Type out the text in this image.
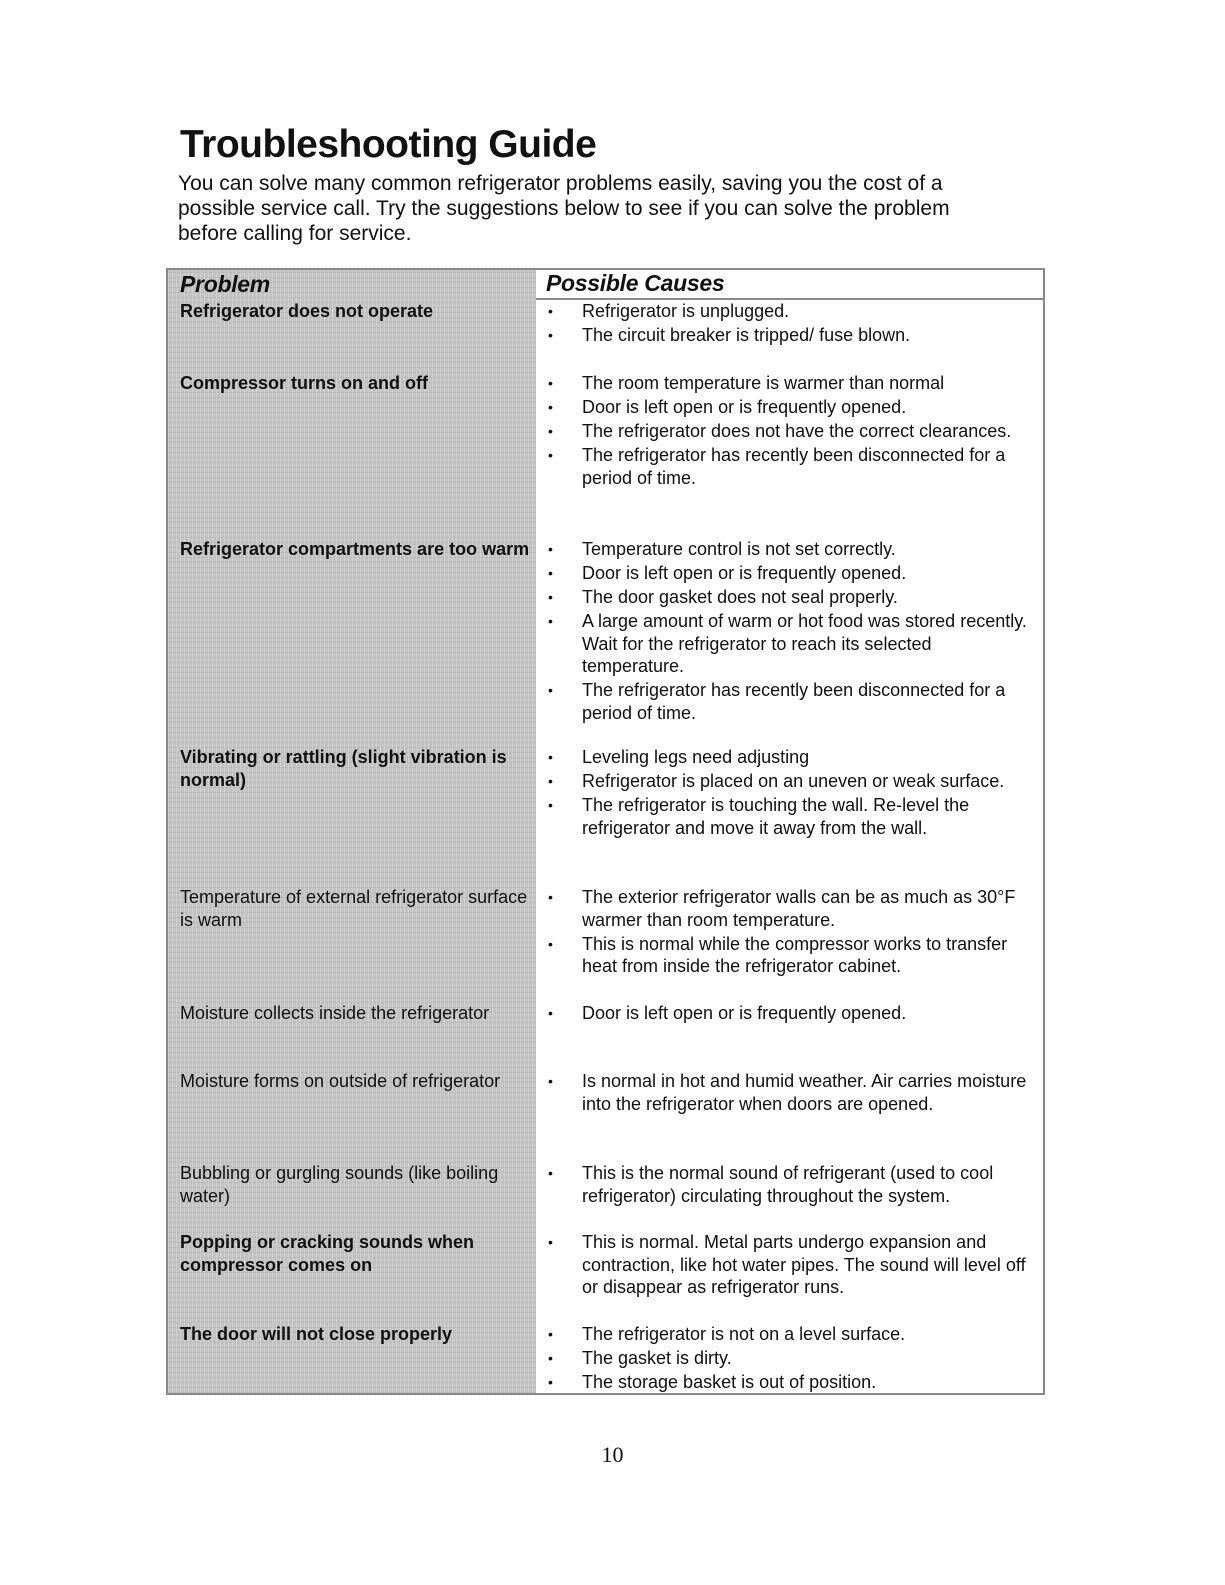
Troubleshooting Guide

You can solve many common refrigerator problems easily, saving you the cost of a possible service call. Try the suggestions below to see if you can solve the problem before calling for service.

Problem	Possible Causes
Refrigerator does not operate	• Refrigerator is unplugged.
• The circuit breaker is tripped/ fuse blown.
Compressor turns on and off	• The room temperature is warmer than normal
• Door is left open or is frequently opened.
• The refrigerator does not have the correct clearances.
• The refrigerator has recently been disconnected for a period of time.
Refrigerator compartments are too warm	• Temperature control is not set correctly.
• Door is left open or is frequently opened.
• The door gasket does not seal properly.
• A large amount of warm or hot food was stored recently. Wait for the refrigerator to reach its selected temperature.
• The refrigerator has recently been disconnected for a period of time.
Vibrating or rattling (slight vibration is normal)
• Leveling legs need adjusting
• Refrigerator is placed on an uneven or weak surface.
• The refrigerator is touching the wall. Re-level the refrigerator and move it away from the wall.
Temperature of external refrigerator surface is warm
• The exterior refrigerator walls can be as much as 30°F warmer than room temperature.
• This is normal while the compressor works to transfer heat from inside the refrigerator cabinet.
Moisture collects inside the refrigerator	• Door is left open or is frequently opened.
Moisture forms on outside of refrigerator	• Is normal in hot and humid weather. Air carries moisture into the refrigerator when doors are opened.
Bubbling or gurgling sounds (like boiling water)
• This is the normal sound of refrigerant (used to cool refrigerator) circulating throughout the system.
Popping or cracking sounds when compressor comes on
• This is normal. Metal parts undergo expansion and contraction, like hot water pipes. The sound will level off or disappear as refrigerator runs.
The door will not close properly	• The refrigerator is not on a level surface.
• The gasket is dirty.
• The storage basket is out of position.
10
